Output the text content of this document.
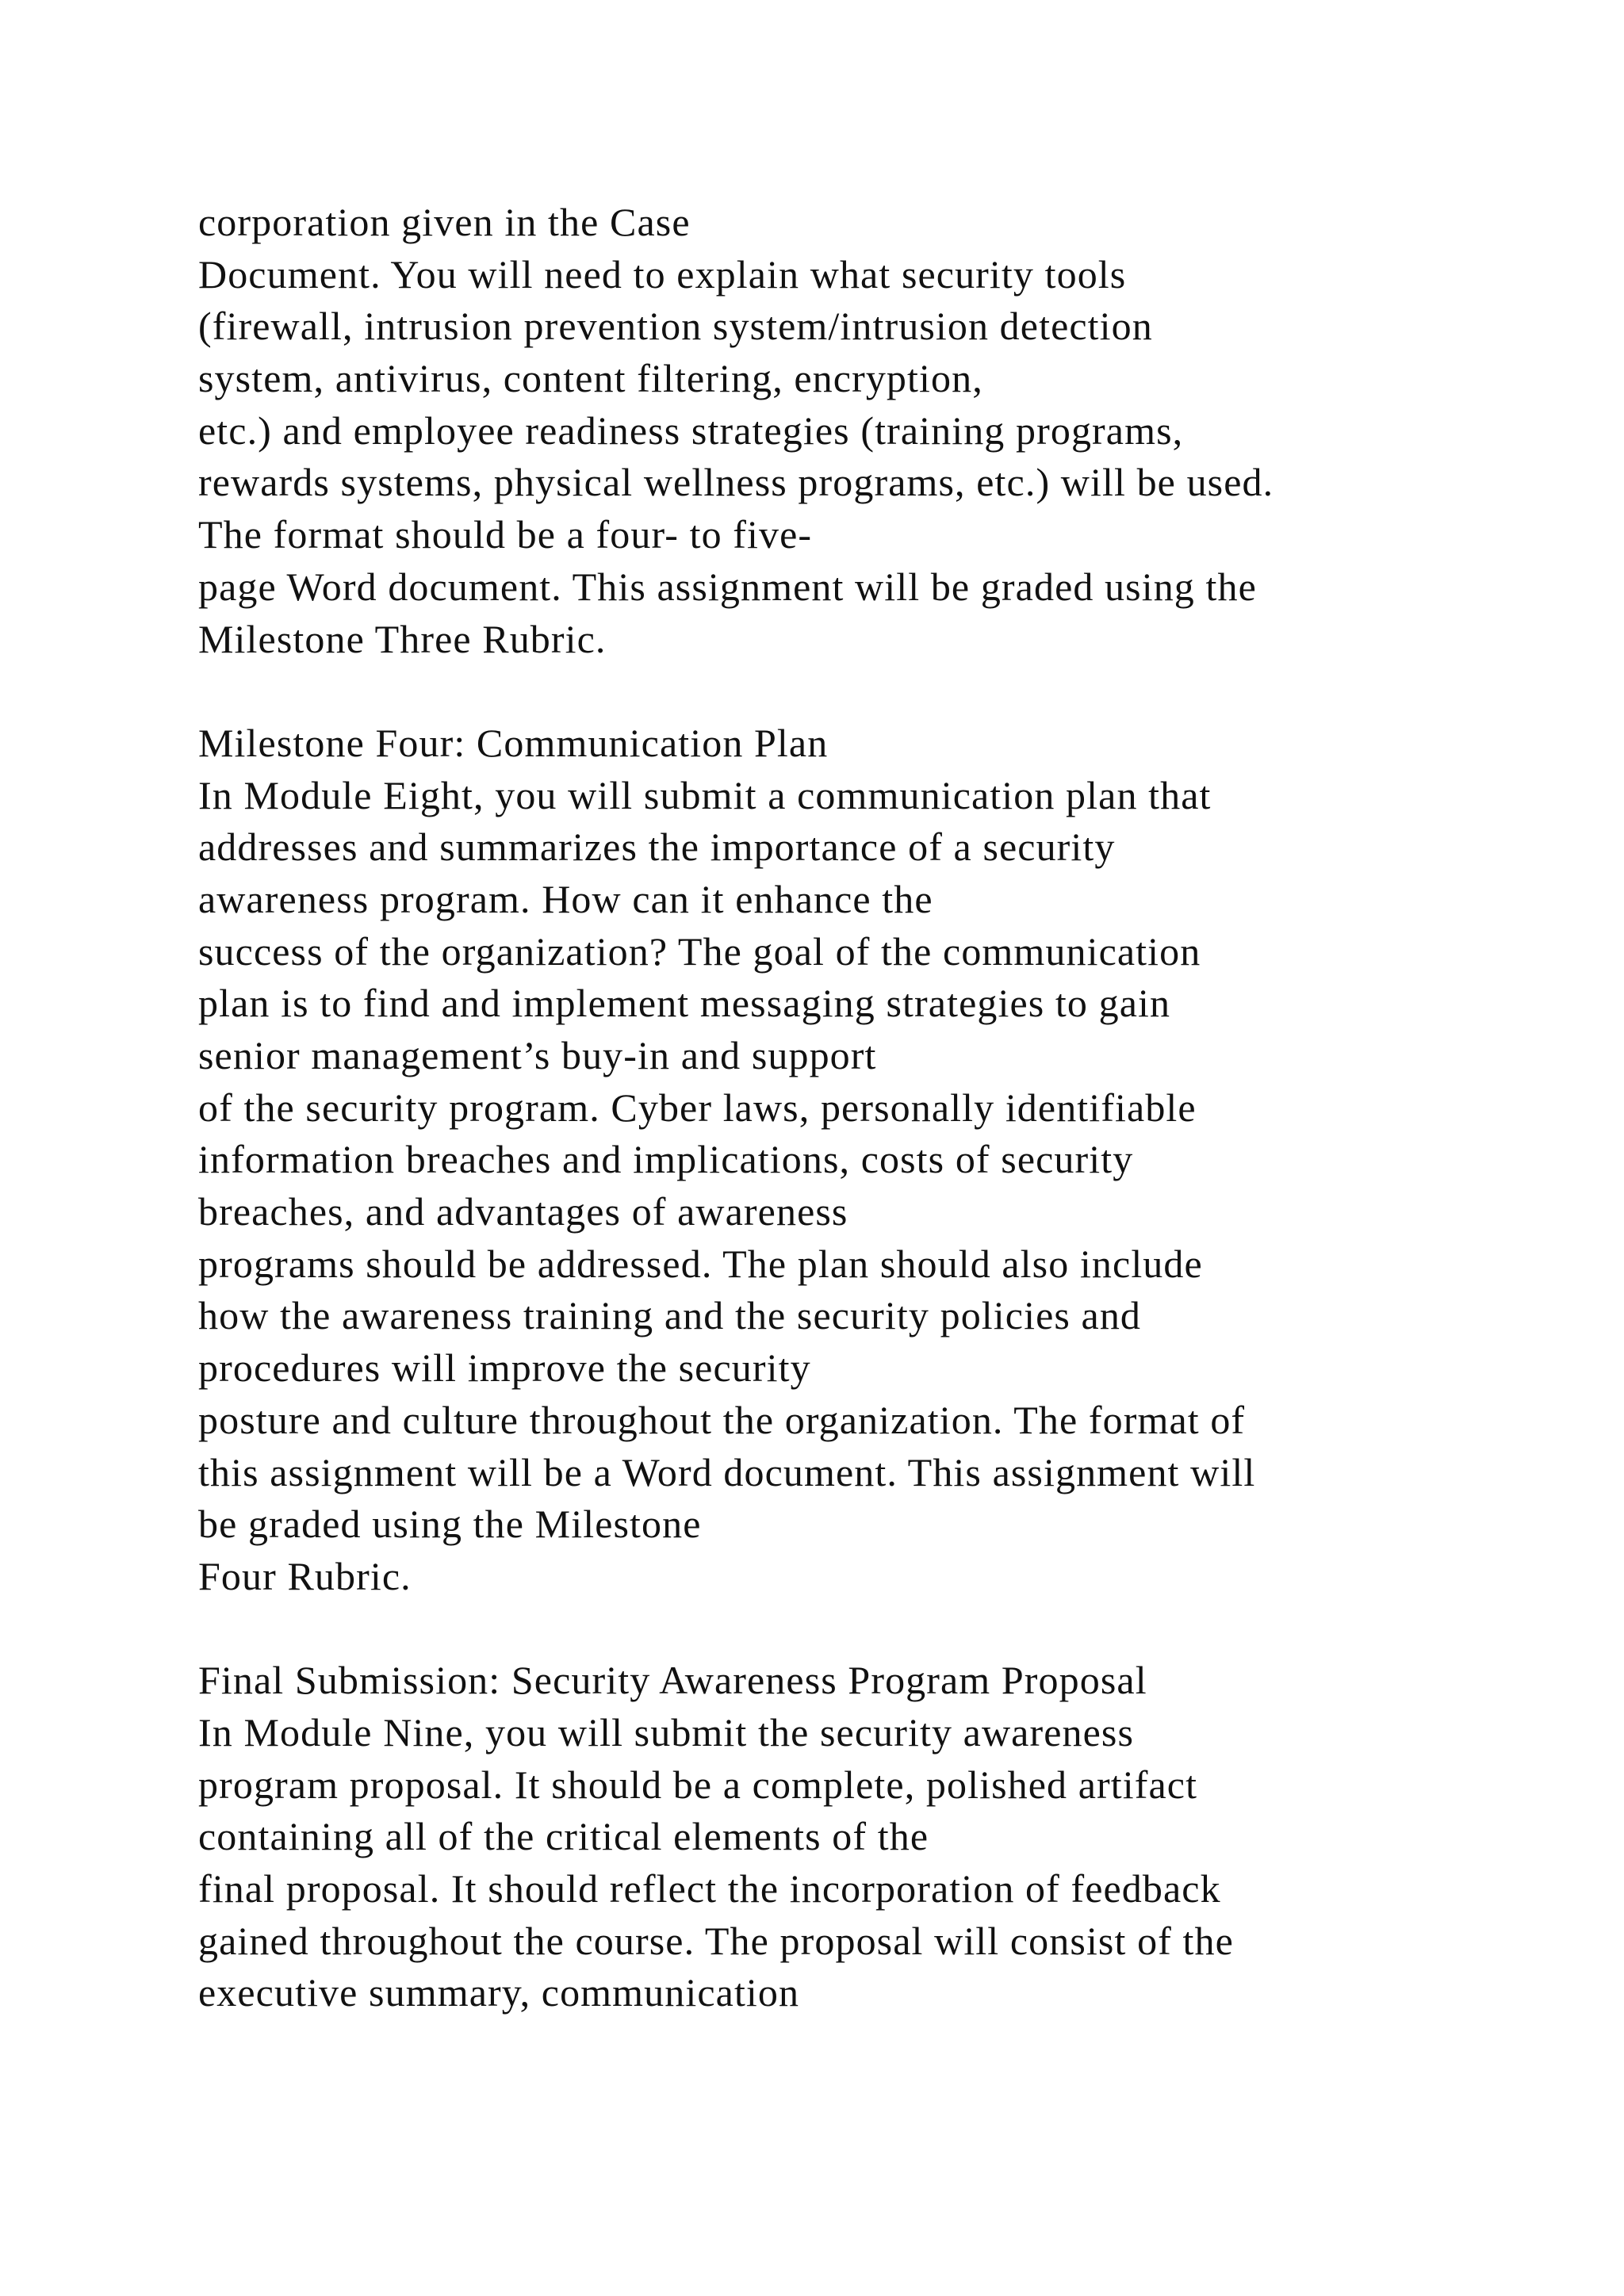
corporation given in the Case
Document. You will need to explain what security tools
(firewall, intrusion prevention system/intrusion detection
system, antivirus, content filtering, encryption,
etc.) and employee readiness strategies (training programs,
rewards systems, physical wellness programs, etc.) will be used.
The format should be a four- to five-
page Word document. This assignment will be graded using the
Milestone Three Rubric.
Milestone Four: Communication Plan
In Module Eight, you will submit a communication plan that
addresses and summarizes the importance of a security
awareness program. How can it enhance the
success of the organization? The goal of the communication
plan is to find and implement messaging strategies to gain
senior management’s buy-in and support
of the security program. Cyber laws, personally identifiable
information breaches and implications, costs of security
breaches, and advantages of awareness
programs should be addressed. The plan should also include
how the awareness training and the security policies and
procedures will improve the security
posture and culture throughout the organization. The format of
this assignment will be a Word document. This assignment will
be graded using the Milestone
Four Rubric.
Final Submission: Security Awareness Program Proposal
In Module Nine, you will submit the security awareness
program proposal. It should be a complete, polished artifact
containing all of the critical elements of the
final proposal. It should reflect the incorporation of feedback
gained throughout the course. The proposal will consist of the
executive summary, communication
